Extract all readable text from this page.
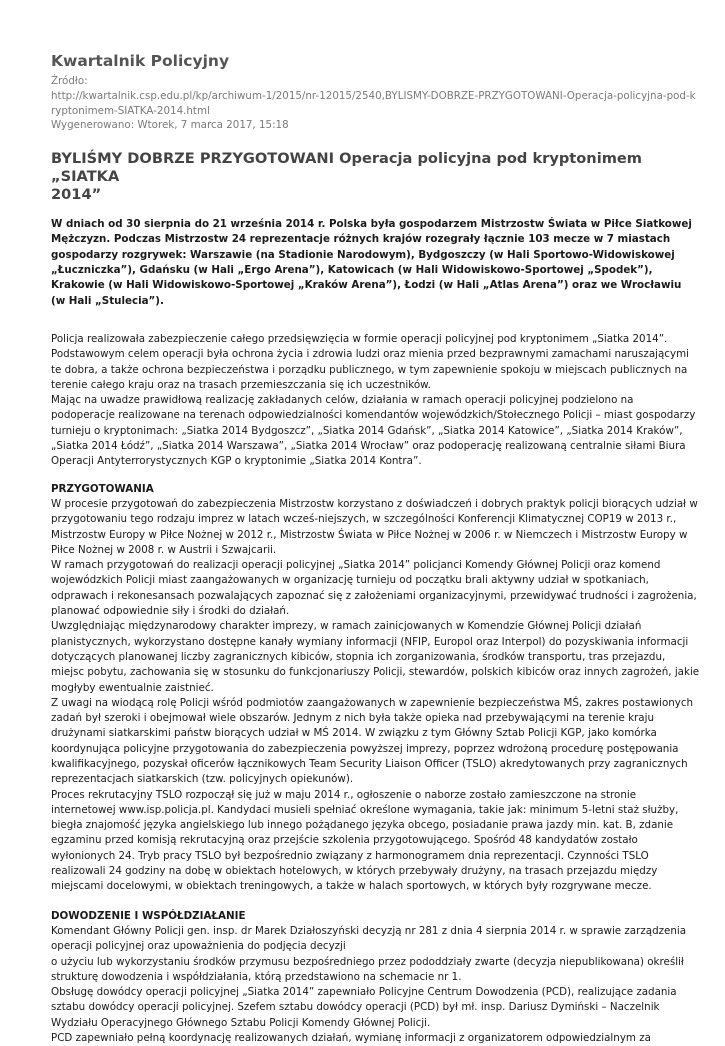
Kwartalnik Policyjny
Źródło:
http://kwartalnik.csp.edu.pl/kp/archiwum-1/2015/nr-12015/2540,BYLISMY-DOBRZE-PRZYGOTOWANI-Operacja-policyjna-pod-k
ryptonimem-SIATKA-2014.html
Wygenerowano: Wtorek, 7 marca 2017, 15:18
BYLIŚMY DOBRZE PRZYGOTOWANI Operacja policyjna pod kryptonimem „SIATKA
2014”
W dniach od 30 sierpnia do 21 września 2014 r. Polska była gospodarzem Mistrzostw Świata w Piłce Siatkowej
Mężczyzn. Podczas Mistrzostw 24 reprezentacje różnych krajów rozegrały łącznie 103 mecze w 7 miastach
gospodarzy rozgrywek: Warszawie (na Stadionie Narodowym), Bydgoszczy (w Hali Sportowo-Widowiskowej
„Łuczniczka”), Gdańsku (w Hali „Ergo Arena”), Katowicach (w Hali Widowiskowo-Sportowej „Spodek”),
Krakowie (w Hali Widowiskowo-Sportowej „Kraków Arena”), Łodzi (w Hali „Atlas Arena”) oraz we Wrocławiu
(w Hali „Stulecia”).
Policja realizowała zabezpieczenie całego przedsięwzięcia w formie operacji policyjnej pod kryptonimem „Siatka 2014”.
Podstawowym celem operacji była ochrona życia i zdrowia ludzi oraz mienia przed bezprawnymi zamachami naruszającymi
te dobra, a także ochrona bezpieczeństwa i porządku publicznego, w tym zapewnienie spokoju w miejscach publicznych na
terenie całego kraju oraz na trasach przemieszczania się ich uczestników.
Mając na uwadze prawidłową realizację zakładanych celów, działania w ramach operacji policyjnej podzielono na
podoperacje realizowane na terenach odpowiedzialności komendantów wojewódzkich/Stołecznego Policji – miast gospodarzy
turnieju o kryptonimach: „Siatka 2014 Bydgoszcz”, „Siatka 2014 Gdańsk”, „Siatka 2014 Katowice”, „Siatka 2014 Kraków”,
„Siatka 2014 Łódź”, „Siatka 2014 Warszawa”, „Siatka 2014 Wrocław” oraz podoperację realizowaną centralnie siłami Biura
Operacji Antyterrorystycznych KGP o kryptonimie „Siatka 2014 Kontra”.
PRZYGOTOWANIA
W procesie przygotowań do zabezpieczenia Mistrzostw korzystano z doświadczeń i dobrych praktyk policji biorących udział w
przygotowaniu tego rodzaju imprez w latach wcześ-niejszych, w szczególności Konferencji Klimatycznej COP19 w 2013 r.,
Mistrzostw Europy w Piłce Nożnej w 2012 r., Mistrzostw Świata w Piłce Nożnej w 2006 r. w Niemczech i Mistrzostw Europy w
Piłce Nożnej w 2008 r. w Austrii i Szwajcarii.
W ramach przygotowań do realizacji operacji policyjnej „Siatka 2014” policjanci Komendy Głównej Policji oraz komend
wojewódzkich Policji miast zaangażowanych w organizację turnieju od początku brali aktywny udział w spotkaniach,
odprawach i rekonesansach pozwalających zapoznać się z założeniami organizacyjnymi, przewidywać trudności i zagrożenia,
planować odpowiednie siły i środki do działań.
Uwzględniając międzynarodowy charakter imprezy, w ramach zainicjowanych w Komendzie Głównej Policji działań
planistycznych, wykorzystano dostępne kanały wymiany informacji (NFIP, Europol oraz Interpol) do pozyskiwania informacji
dotyczących planowanej liczby zagranicznych kibiców, stopnia ich zorganizowania, środków transportu, tras przejazdu,
miejsc pobytu, zachowania się w stosunku do funkcjonariuszy Policji, stewardów, polskich kibiców oraz innych zagrożeń, jakie
mogłyby ewentualnie zaistnieć.
Z uwagi na wiodącą rolę Policji wśród podmiotów zaangażowanych w zapewnienie bezpieczeństwa MŚ, zakres postawionych
zadań był szeroki i obejmował wiele obszarów. Jednym z nich była także opieka nad przebywającymi na terenie kraju
drużynami siatkarskimi państw biorących udział w MŚ 2014. W związku z tym Główny Sztab Policji KGP, jako komórka
koordynująca policyjne przygotowania do zabezpieczenia powyższej imprezy, poprzez wdrożoną procedurę postępowania
kwalifikacyjnego, pozyskał oficerów łącznikowych Team Security Liaison Officer (TSLO) akredytowanych przy zagranicznych
reprezentacjach siatkarskich (tzw. policyjnych opiekunów).
Proces rekrutacyjny TSLO rozpoczął się już w maju 2014 r., ogłoszenie o naborze zostało zamieszczone na stronie
internetowej www.isp.policja.pl. Kandydaci musieli spełniać określone wymagania, takie jak: minimum 5-letni staż służby,
biegła znajomość języka angielskiego lub innego pożądanego języka obcego, posiadanie prawa jazdy min. kat. B, zdanie
egzaminu przed komisją rekrutacyjną oraz przejście szkolenia przygotowującego. Spośród 48 kandydatów zostało
wyłonionych 24. Tryb pracy TSLO był bezpośrednio związany z harmonogramem dnia reprezentacji. Czynności TSLO
realizowali 24 godziny na dobę w obiektach hotelowych, w których przebywały drużyny, na trasach przejazdu między
miejscami docelowymi, w obiektach treningowych, a także w halach sportowych, w których były rozgrywane mecze.
DOWODZENIE I WSPÓŁDZIAŁANIE
Komendant Główny Policji gen. insp. dr Marek Działoszyński decyzją nr 281 z dnia 4 sierpnia 2014 r. w sprawie zarządzenia
operacji policyjnej oraz upoważnienia do podjęcia decyzji
o użyciu lub wykorzystaniu środków przymusu bezpośredniego przez pododdziały zwarte (decyzja niepublikowana) określił
strukturę dowodzenia i współdziałania, którą przedstawiono na schemacie nr 1.
Obsługę dowódcy operacji policyjnej „Siatka 2014” zapewniało Policyjne Centrum Dowodzenia (PCD), realizujące zadania
sztabu dowódcy operacji policyjnej. Szefem sztabu dowódcy operacji (PCD) był mł. insp. Dariusz Dymiński – Naczelnik
Wydziału Operacyjnego Głównego Sztabu Policji Komendy Głównej Policji.
PCD zapewniało pełną koordynację realizowanych działań, wymianę informacji z organizatorem odpowiedzialnym za
